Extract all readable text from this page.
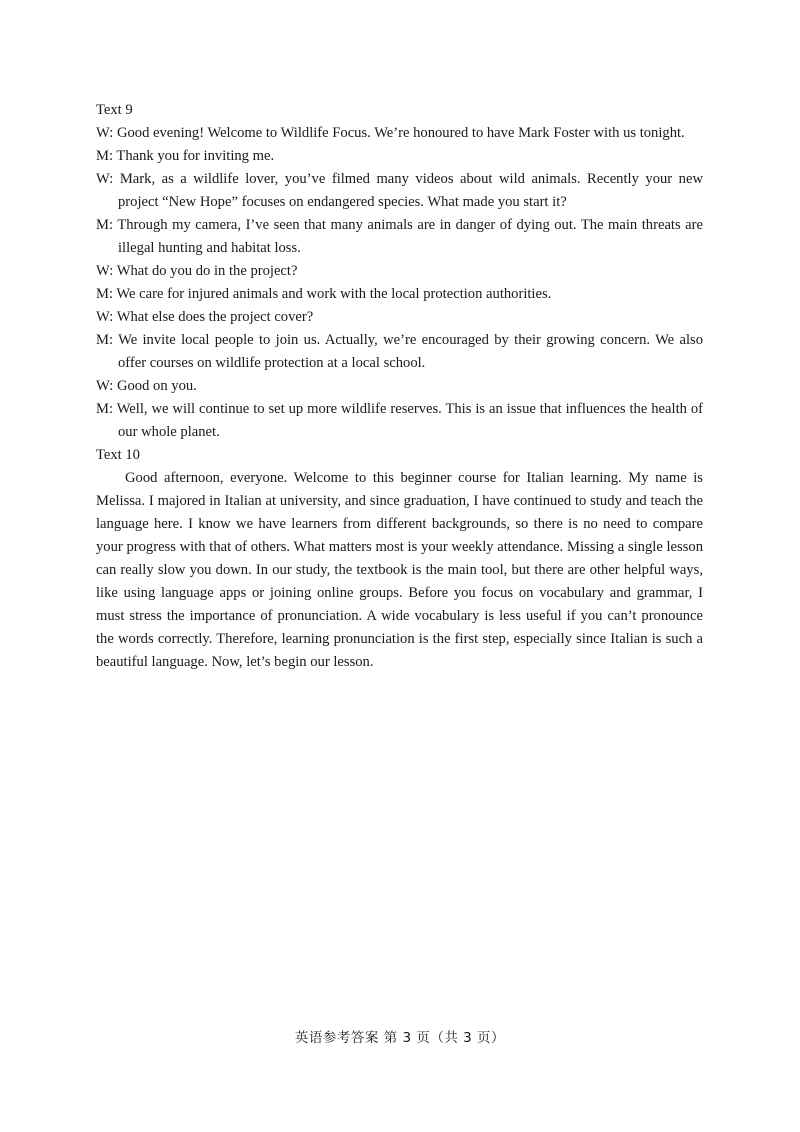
Text 9
W: Good evening! Welcome to Wildlife Focus. We’re honoured to have Mark Foster with us tonight.
M: Thank you for inviting me.
W: Mark, as a wildlife lover, you’ve filmed many videos about wild animals. Recently your new project “New Hope” focuses on endangered species. What made you start it?
M: Through my camera, I’ve seen that many animals are in danger of dying out. The main threats are illegal hunting and habitat loss.
W: What do you do in the project?
M: We care for injured animals and work with the local protection authorities.
W: What else does the project cover?
M: We invite local people to join us. Actually, we’re encouraged by their growing concern. We also offer courses on wildlife protection at a local school.
W: Good on you.
M: Well, we will continue to set up more wildlife reserves. This is an issue that influences the health of our whole planet.
Text 10

Good afternoon, everyone. Welcome to this beginner course for Italian learning. My name is Melissa. I majored in Italian at university, and since graduation, I have continued to study and teach the language here. I know we have learners from different backgrounds, so there is no need to compare your progress with that of others. What matters most is your weekly attendance. Missing a single lesson can really slow you down. In our study, the textbook is the main tool, but there are other helpful ways, like using language apps or joining online groups. Before you focus on vocabulary and grammar, I must stress the importance of pronunciation. A wide vocabulary is less useful if you can’t pronounce the words correctly. Therefore, learning pronunciation is the first step, especially since Italian is such a beautiful language. Now, let’s begin our lesson.

英语参考答案 第 3 页（共 3 页）
